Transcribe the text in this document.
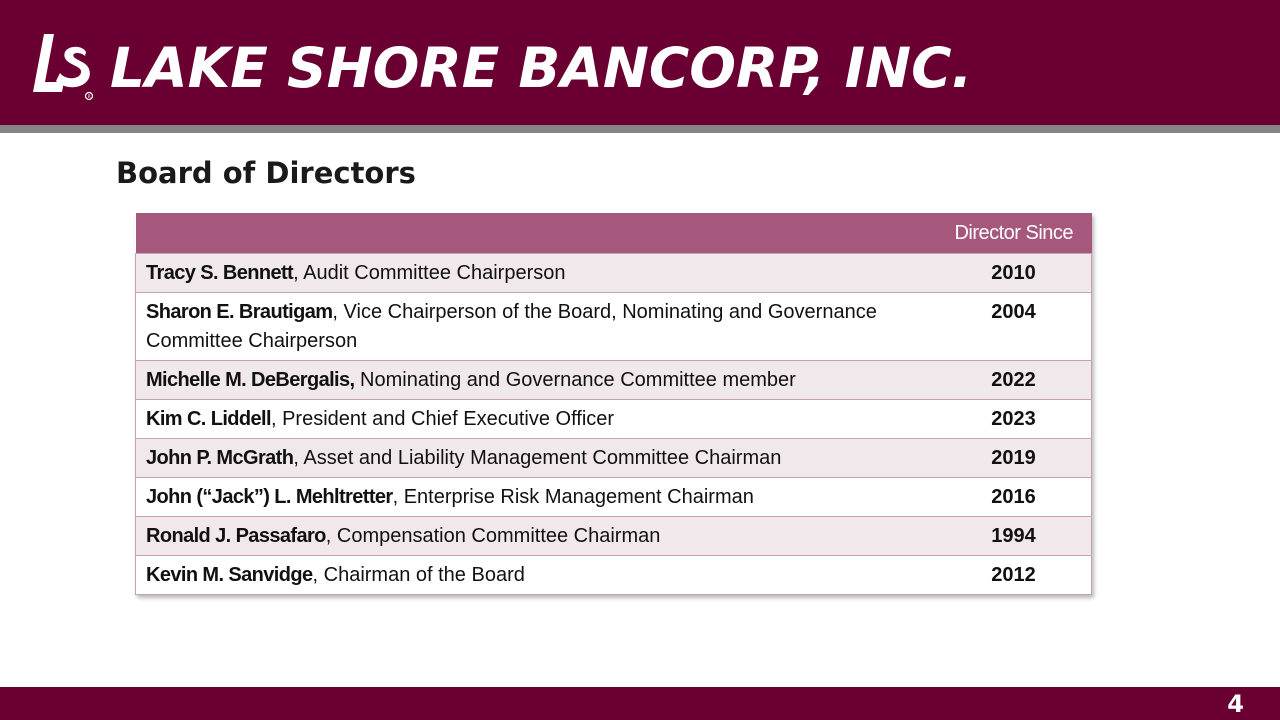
R LAKE SHORE BANCORP, INC.
Board of Directors
	Director Since
Tracy S. Bennett, Audit Committee Chairperson	2010
Sharon E. Brautigam, Vice Chairperson of the Board, Nominating and Governance Committee Chairperson	2004
Michelle M. DeBergalis, Nominating and Governance Committee member	2022
Kim C. Liddell, President and Chief Executive Officer	2023
John P. McGrath, Asset and Liability Management Committee Chairman	2019
John (“Jack”) L. Mehltretter, Enterprise Risk Management Chairman	2016
Ronald J. Passafaro, Compensation Committee Chairman	1994
Kevin M. Sanvidge, Chairman of the Board	2012
4
